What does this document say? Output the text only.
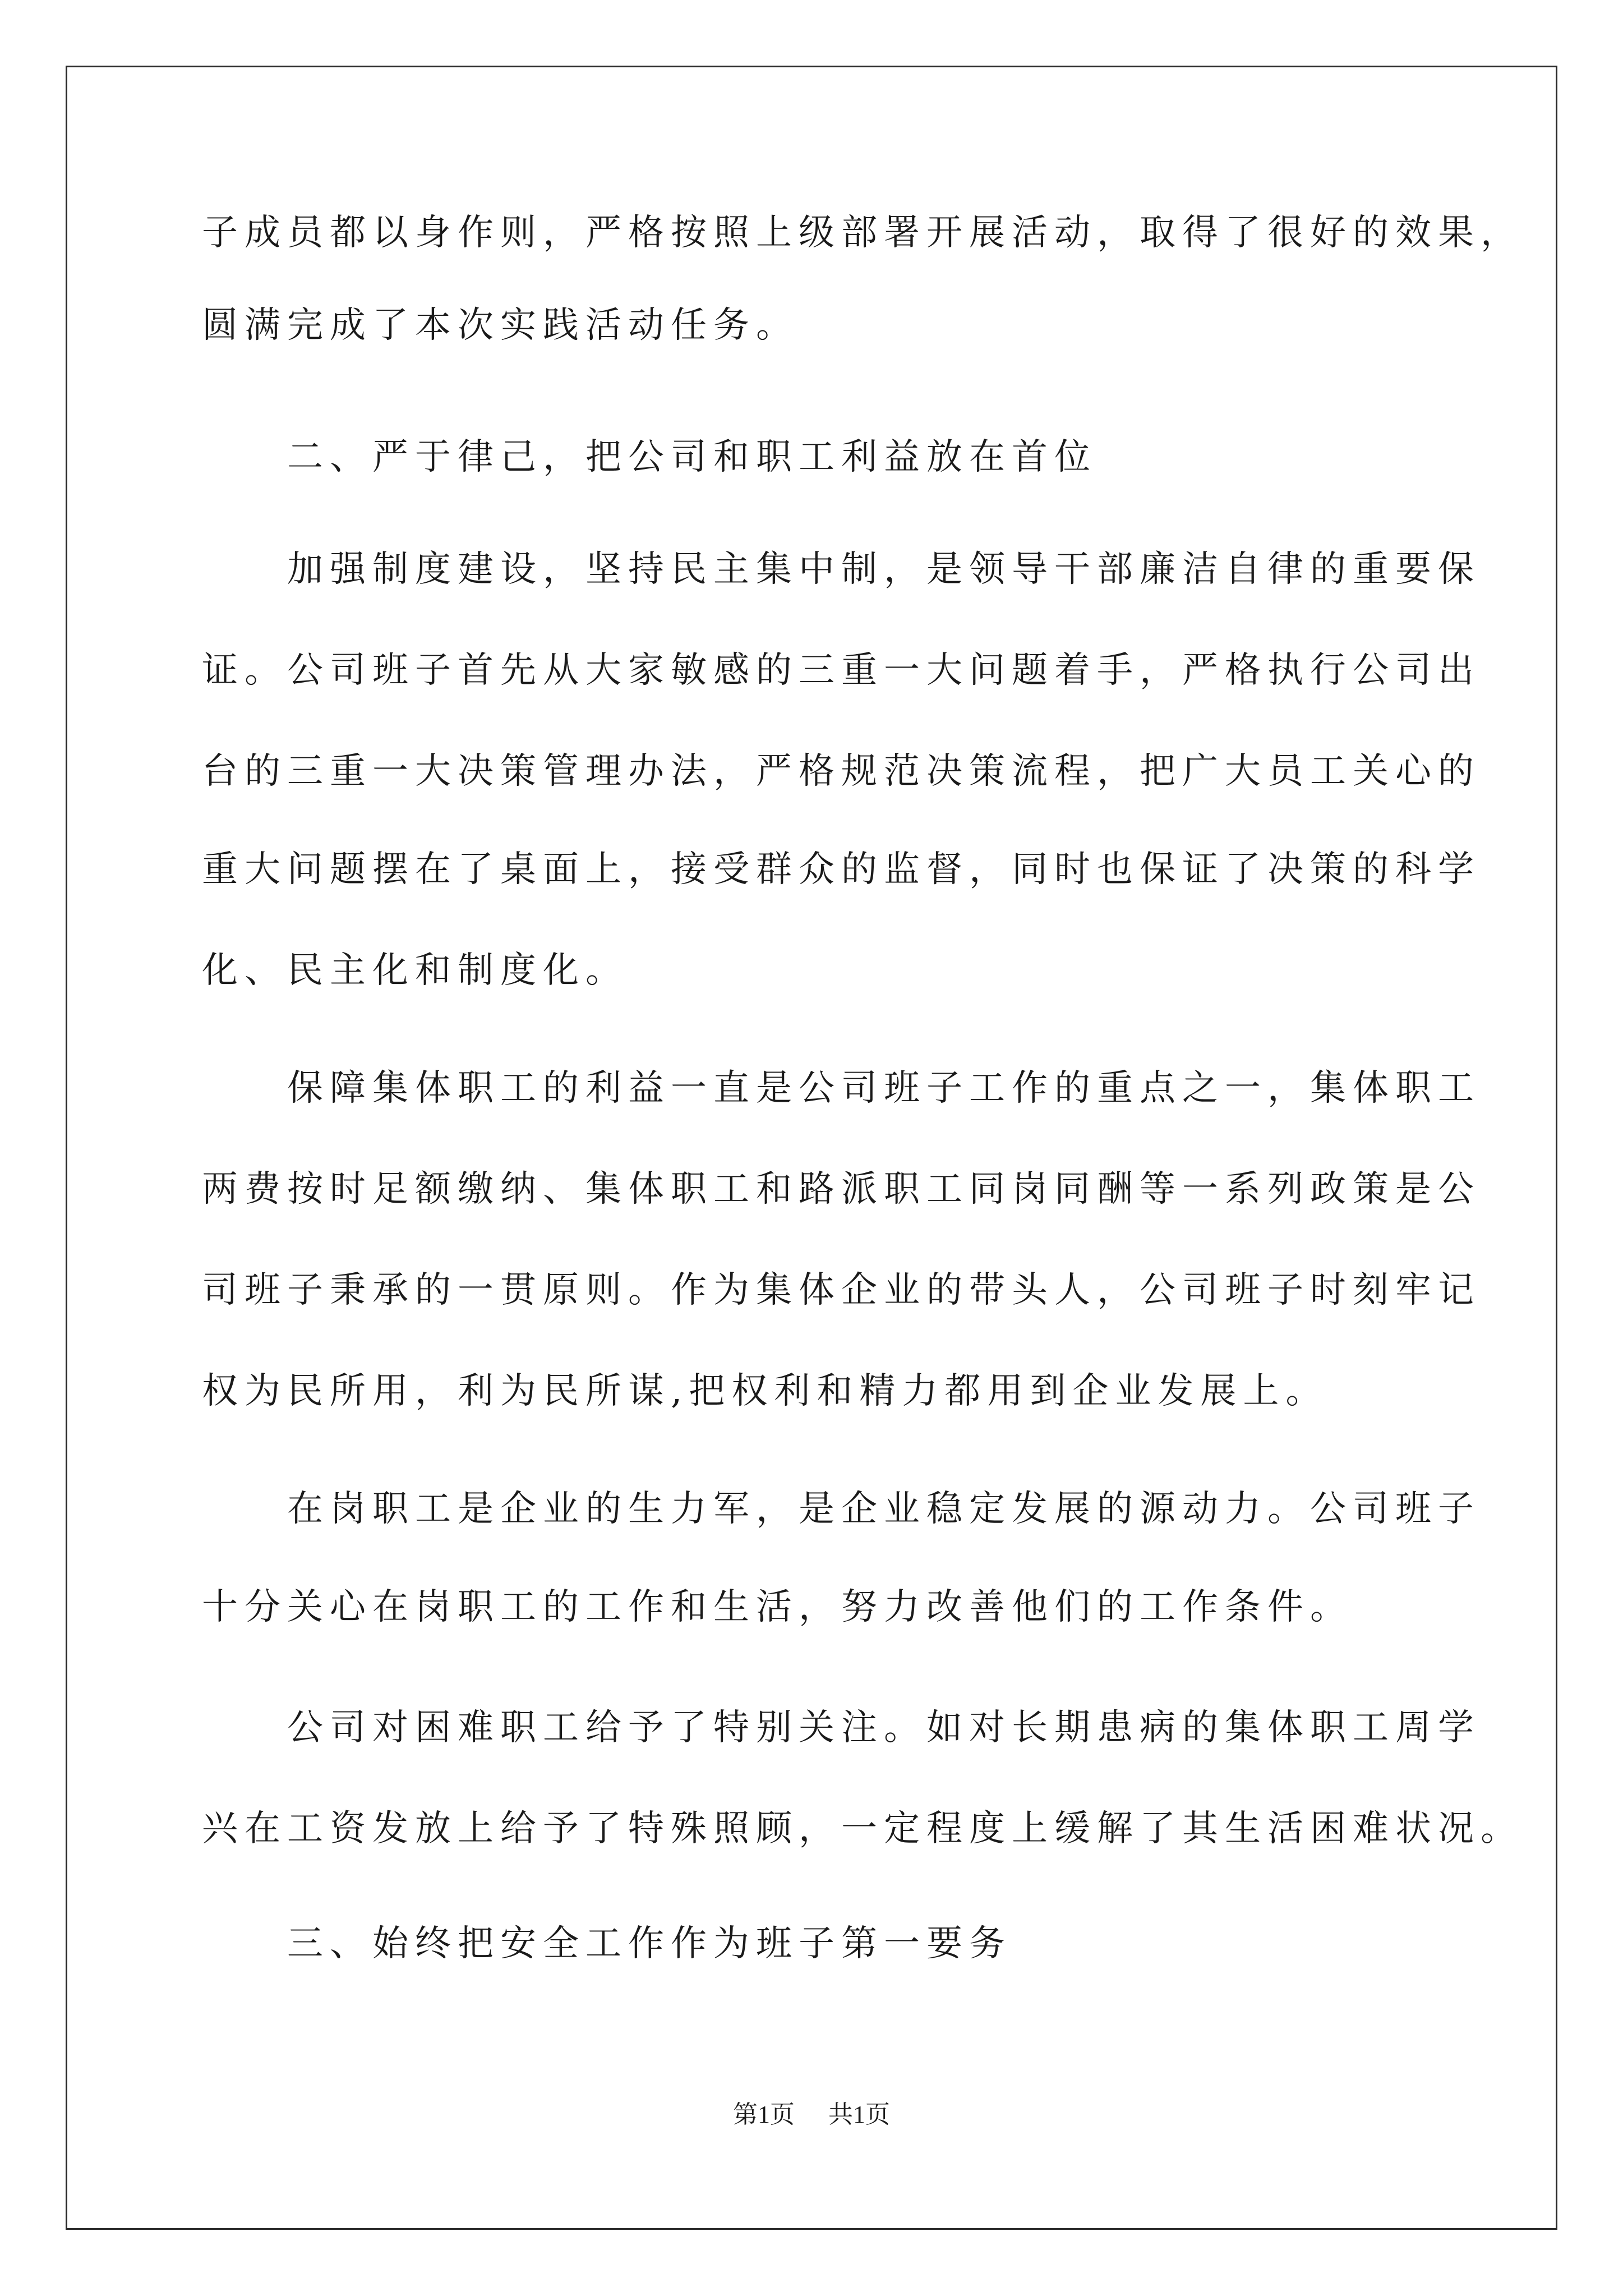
子成员都以身作则，严格按照上级部署开展活动，取得了很好的效果，
圆满完成了本次实践活动任务。
　　二、严于律己，把公司和职工利益放在首位
　　加强制度建设，坚持民主集中制，是领导干部廉洁自律的重要保
证。公司班子首先从大家敏感的三重一大问题着手，严格执行公司出
台的三重一大决策管理办法，严格规范决策流程，把广大员工关心的
重大问题摆在了桌面上，接受群众的监督，同时也保证了决策的科学
化、民主化和制度化。
　　保障集体职工的利益一直是公司班子工作的重点之一，集体职工
两费按时足额缴纳、集体职工和路派职工同岗同酬等一系列政策是公
司班子秉承的一贯原则。作为集体企业的带头人，公司班子时刻牢记
权为民所用，利为民所谋,把权利和精力都用到企业发展上。
　　在岗职工是企业的生力军，是企业稳定发展的源动力。公司班子
十分关心在岗职工的工作和生活，努力改善他们的工作条件。
　　公司对困难职工给予了特别关注。如对长期患病的集体职工周学
兴在工资发放上给予了特殊照顾，一定程度上缓解了其生活困难状况。
　　三、始终把安全工作作为班子第一要务
第1页 共1页
